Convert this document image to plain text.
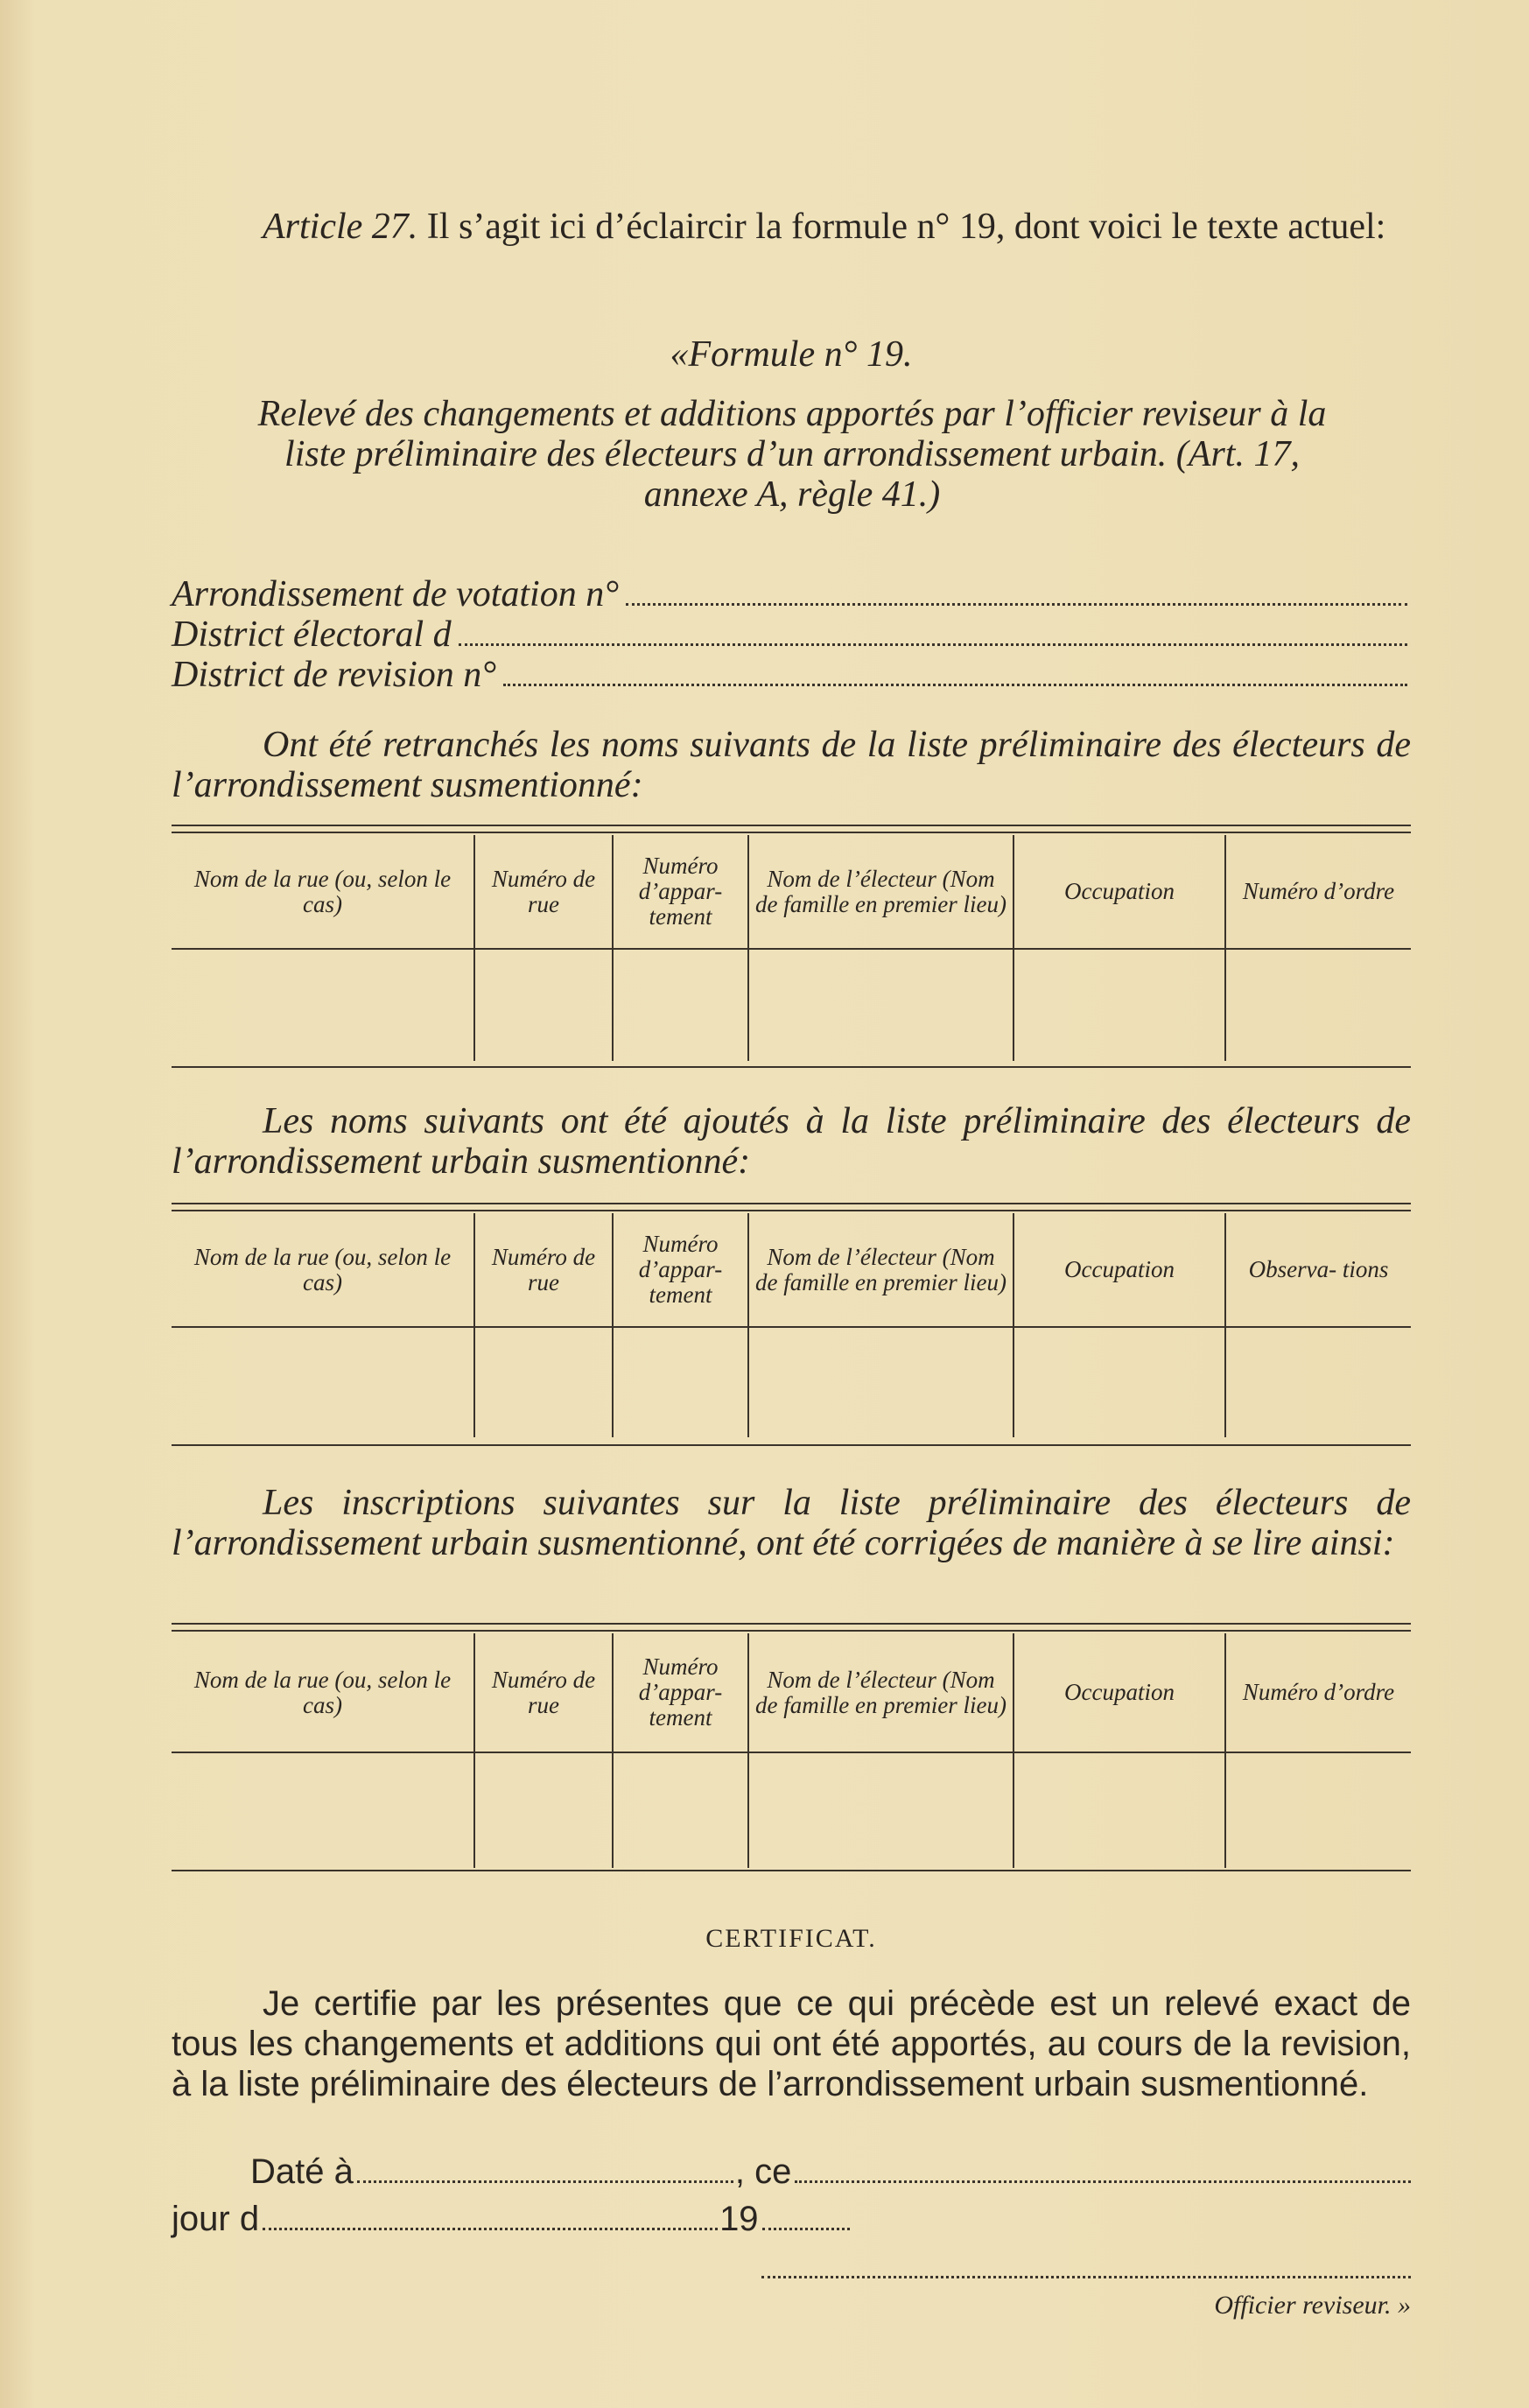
Article 27. Il s’agit ici d’éclaircir la formule n° 19, dont voici le texte actuel:

«Formule n° 19.

Relevé des changements et additions apportés par l’officier reviseur à la liste préliminaire des électeurs d’un arrondissement urbain. (Art. 17, annexe A, règle 41.)

Arrondissement de votation n°
District électoral d
District de revision n°

Ont été retranchés les noms suivants de la liste préliminaire des électeurs de l’arrondissement susmentionné:

Nom de la rue (ou, selon le cas)	Numéro de rue	Numéro d’appar- tement	Nom de l’électeur (Nom de famille en premier lieu)	Occupation	Numéro d’ordre

Les noms suivants ont été ajoutés à la liste préliminaire des électeurs de l’arrondissement urbain susmentionné:

Nom de la rue (ou, selon le cas)	Numéro de rue	Numéro d’appar- tement	Nom de l’électeur (Nom de famille en premier lieu)	Occupation	Observa- tions

Les inscriptions suivantes sur la liste préliminaire des électeurs de l’arrondissement urbain susmentionné, ont été corrigées de manière à se lire ainsi:

Nom de la rue (ou, selon le cas)	Numéro de rue	Numéro d’appar- tement	Nom de l’électeur (Nom de famille en premier lieu)	Occupation	Numéro d’ordre

CERTIFICAT.

Je certifie par les présentes que ce qui précède est un relevé exact de tous les changements et additions qui ont été apportés, au cours de la revision, à la liste préliminaire des électeurs de l’arrondissement urbain susmentionné.

Daté à	, ce
jour d	19
Officier reviseur. »
